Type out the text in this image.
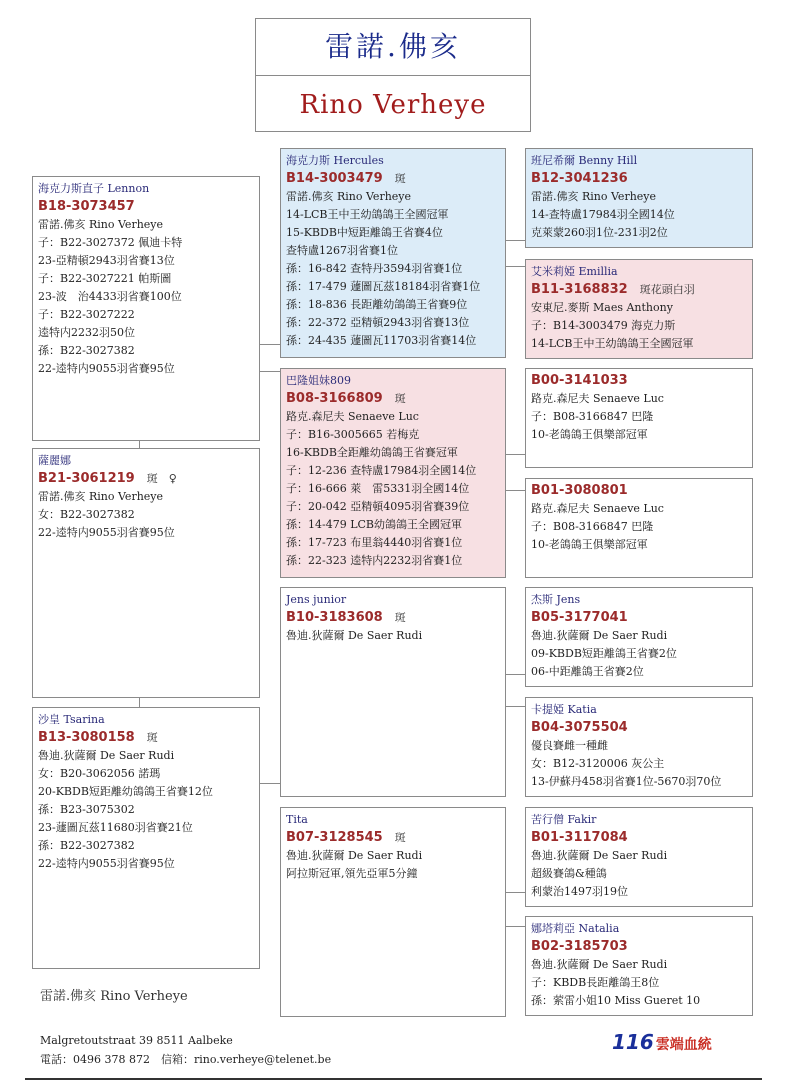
雷諾.佛亥
Rino Verheye
海克力斯直子 Lennon
B18-3073457
雷諾.佛亥 Rino Verheye
子：B22-3027372 佩迪卡特
23-亞精頓2943羽省賽13位
子：B22-3027221 帕斯圖
23-波　治4433羽省賽100位
子：B22-3027222
逵特内2232羽50位
孫：B22-3027382
22-逵特内9055羽省賽95位
薩麗娜
B21-3061219 斑　♀
雷諾.佛亥 Rino Verheye
女：B22-3027382
22-逵特内9055羽省賽95位
沙皇 Tsarina
B13-3080158 斑
魯迪.狄薩爾 De Saer Rudi
女：B20-3062056 諾瑪
20-KBDB短距離幼鴿鴿王省賽12位
孫：B23-3075302
23-蘧圖瓦茲11680羽省賽21位
孫：B22-3027382
22-逵特内9055羽省賽95位
海克力斯 Hercules
B14-3003479 斑
雷諾.佛亥 Rino Verheye
14-LCB王中王幼鴿鴿王全國冠軍
15-KBDB中短距離鴿王省賽4位
查特盧1267羽省賽1位
孫：16-842 查特丹3594羽省賽1位
孫：17-479 蘧圖瓦茲18184羽省賽1位
孫：18-836 長距離幼鴿鴿王省賽9位
孫：22-372 亞精頓2943羽省賽13位
孫：24-435 蘧圖瓦11703羽省賽14位
巴隆姐妹809
B08-3166809 斑
路克.森尼夫 Senaeve Luc
子：B16-3005665 若梅克
16-KBDB全距離幼鴿鴿王省賽冠軍
子：12-236 查特盧17984羽全國14位
子：16-666 萊　雷5331羽全國14位
子：20-042 亞精頓4095羽省賽39位
孫：14-479 LCB幼鴿鴿王全國冠軍
孫：17-723 布里翁4440羽省賽1位
孫：22-323 逵特内2232羽省賽1位
Jens junior
B10-3183608 斑
魯迪.狄薩爾 De Saer Rudi
Tita
B07-3128545 斑
魯迪.狄薩爾 De Saer Rudi
阿拉斯冠軍,領先亞軍5分鐘
班尼希爾 Benny Hill
B12-3041236
雷諾.佛亥 Rino Verheye
14-查特盧17984羽全國14位
克萊蒙260羽1位-231羽2位
艾米莉婭 Emillia
B11-3168832 斑花頭白羽
安東尼.麥斯 Maes Anthony
子：B14-3003479 海克力斯
14-LCB王中王幼鴿鴿王全國冠軍
B00-3141033
路克.森尼夫 Senaeve Luc
子：B08-3166847 巴隆
10-老鴿鴿王俱樂部冠軍
B01-3080801
路克.森尼夫 Senaeve Luc
子：B08-3166847 巴隆
10-老鴿鴿王俱樂部冠軍
杰斯 Jens
B05-3177041
魯迪.狄薩爾 De Saer Rudi
09-KBDB短距離鴿王省賽2位
06-中距離鴿王省賽2位
卡提婭 Katia
B04-3075504
優良賽雌一種雌
女：B12-3120006 灰公主
13-伊蘇丹458羽省賽1位-5670羽70位
苦行僧 Fakir
B01-3117084
魯迪.狄薩爾 De Saer Rudi
超級賽鴿&種鴿
利蒙治1497羽19位
娜塔莉亞 Natalia
B02-3185703
魯迪.狄薩爾 De Saer Rudi
子：KBDB長距離鴿王8位
孫：萦雷小姐10 Miss Gueret 10
雷諾.佛亥 Rino Verheye
Malgretoutstraat 39 8511 Aalbeke
電話：0496 378 872　信箱：rino.verheye@telenet.be
116 雲端血統
